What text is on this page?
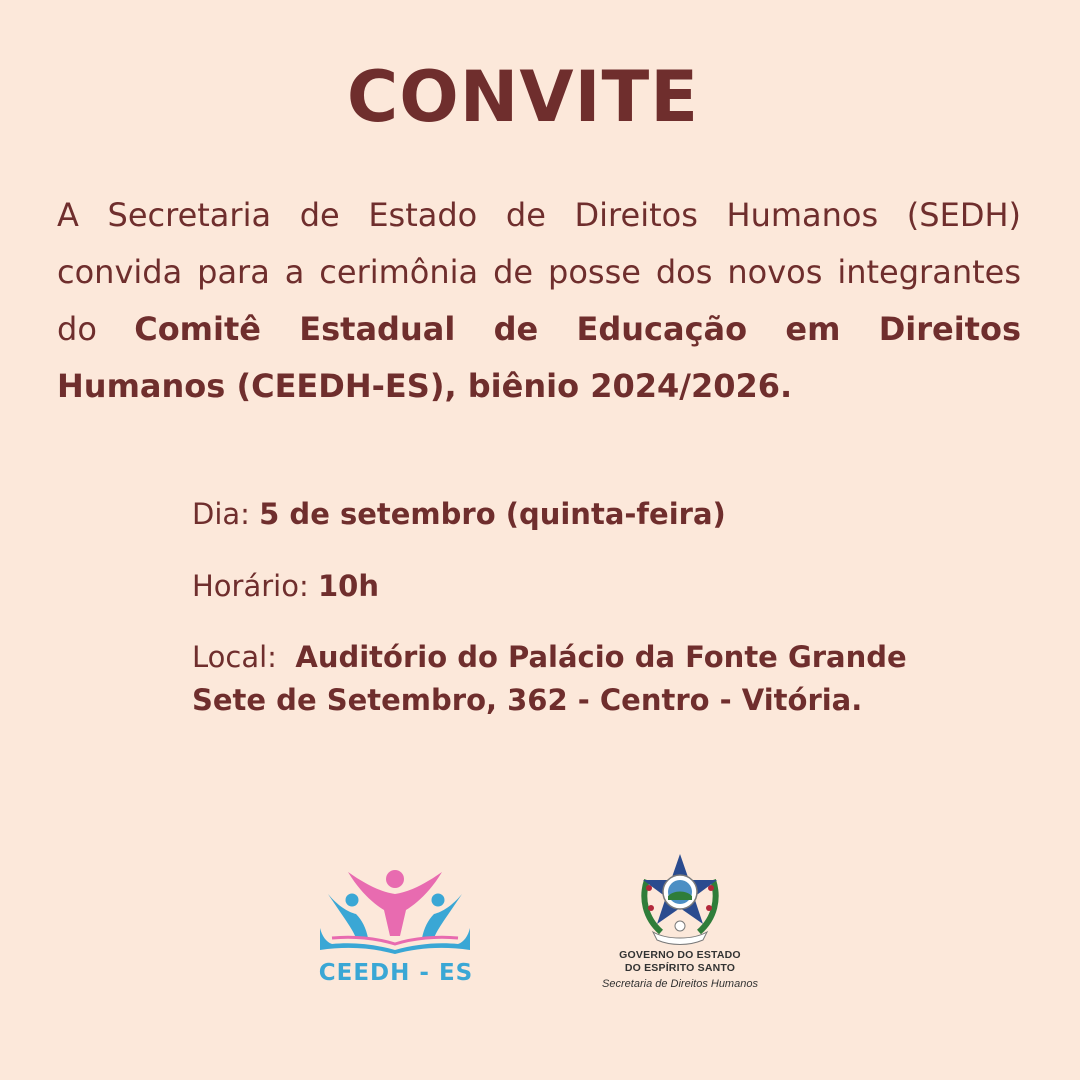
CONVITE

A Secretaria de Estado de Direitos Humanos (SEDH) convida para a cerimônia de posse dos novos integrantes do Comitê Estadual de Educação em Direitos Humanos (CEEDH-ES), biênio 2024/2026.

Dia: 5 de setembro (quinta-feira)

Horário: 10h

Local: Auditório do Palácio da Fonte Grande

Sete de Setembro, 362 - Centro - Vitória.

CEEDH - ES
GOVERNO DO ESTADO
DO ESPÍRITO SANTO
Secretaria de Direitos Humanos
